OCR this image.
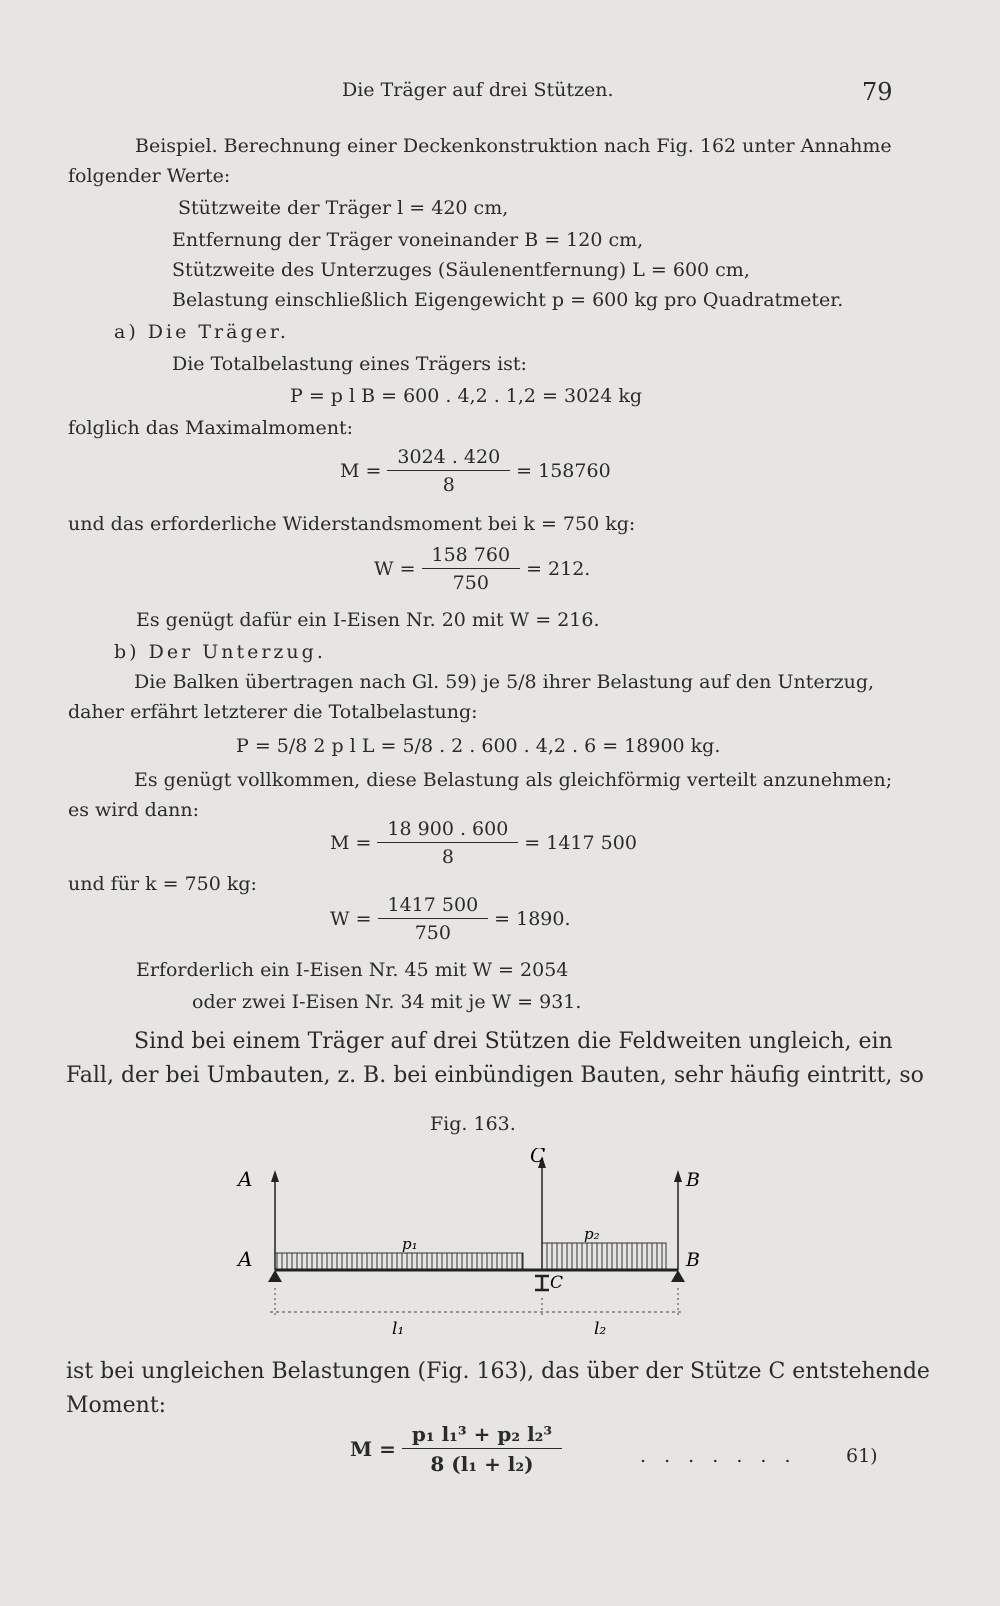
Die Träger auf drei Stützen.	79
Beispiel. Berechnung einer Deckenkonstruktion nach Fig. 162 unter Annahme
folgender Werte:
Stützweite der Träger l = 420 cm,
Entfernung der Träger voneinander B = 120 cm,
Stützweite des Unterzuges (Säulenentfernung) L = 600 cm,
Belastung einschließlich Eigengewicht p = 600 kg pro Quadratmeter.
a) Die Träger.
Die Totalbelastung eines Trägers ist:
P = p l B = 600 . 4,2 . 1,2 = 3024 kg
folglich das Maximalmoment:
$M = \frac{3024 . 420}{8} = 158760$
und das erforderliche Widerstandsmoment bei k = 750 kg:
$W = \frac{158 760}{750} = 212$.
Es genügt dafür ein I-Eisen Nr. 20 mit W = 216.
b) Der Unterzug.
Die Balken übertragen nach Gl. 59) je 5/8 ihrer Belastung auf den Unterzug,
daher erfährt letzterer die Totalbelastung:
P = 5/8 2 p l L = 5/8 . 2 . 600 . 4,2 . 6 = 18900 kg.
Es genügt vollkommen, diese Belastung als gleichförmig verteilt anzunehmen;
es wird dann:
$M = \frac{18 900 . 600}{8} = 1417$ 500
und für k = 750 kg:
$W = \frac{1417 500}{750} = 1890$.
Erforderlich ein I-Eisen Nr. 45 mit W = 2054
oder zwei I-Eisen Nr. 34 mit je W = 931.
Sind bei einem Träger auf drei Stützen die Feldweiten ungleich, ein
Fall, der bei Umbauten, z. B. bei einbündigen Bauten, sehr häufig eintritt, so
Fig. 163.
A
A
C
C
B
B
p₁
p₂
l₁	l₂
ist bei ungleichen Belastungen (Fig. 163), das über der Stütze C entstehende
Moment:
$M = \frac{\text{p₁ l₁³ + p₂ l₂³}}{\text{8 (l₁ + l₂)}}$	. . . . . . .	61)
